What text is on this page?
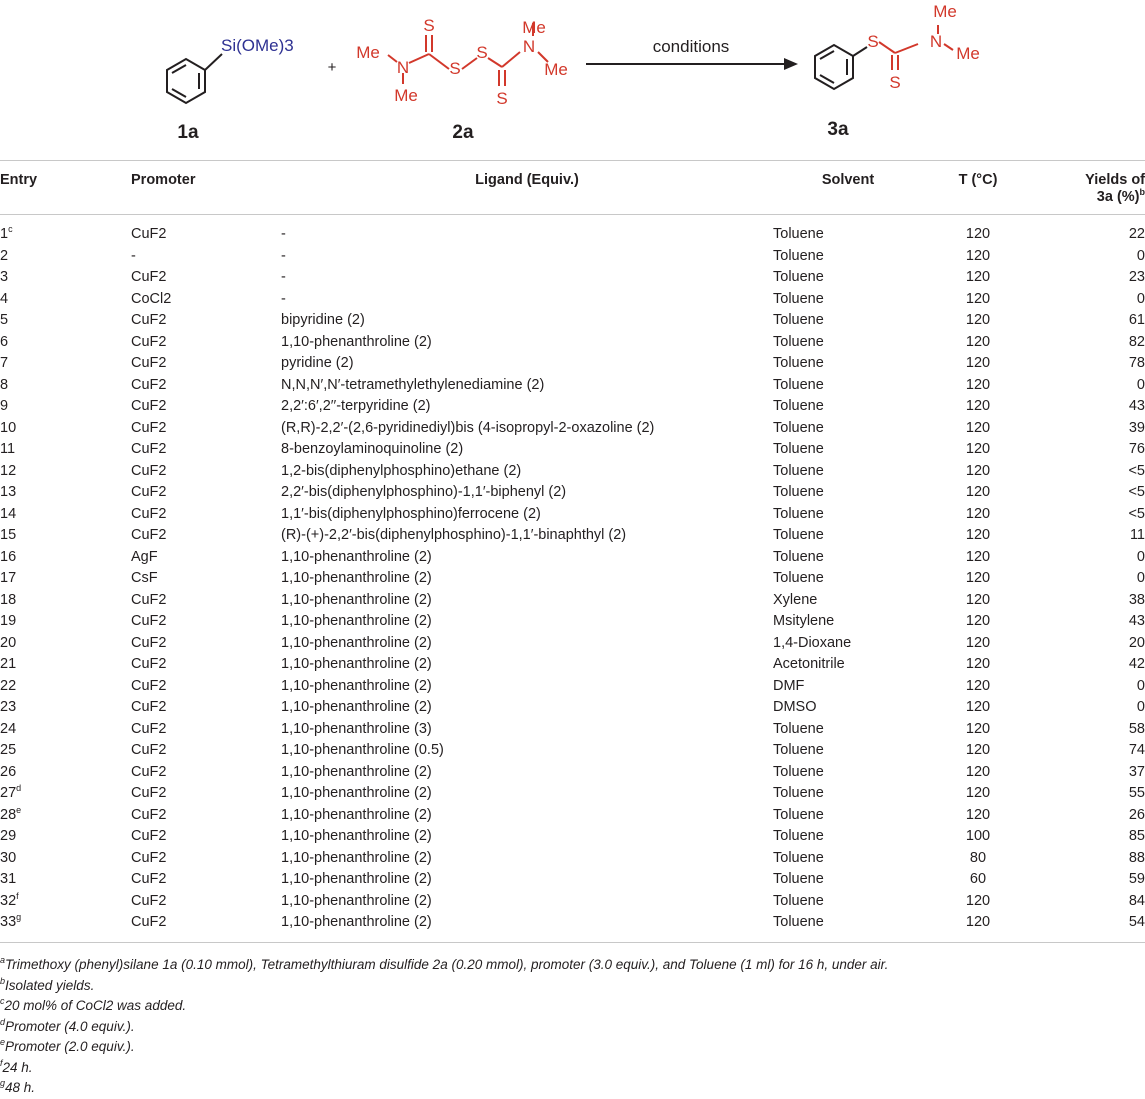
Si(OMe)3
1a
+
Me
N
Me
S
S
S
S
N
Me
Me
2a
conditions	S
S
N
Me
Me
3a
Entry	Promoter	Ligand (Equiv.)	Solvent	T (°C)	Yields of
3a (%)$^b$
1$^c$	CuF2	-	Toluene	120	22
2	-	-	Toluene	120	0
3	CuF2	-	Toluene	120	23
4	CoCl2	-	Toluene	120	0
5	CuF2	bipyridine (2)	Toluene	120	61
6	CuF2	1,10-phenanthroline (2)	Toluene	120	82
7	CuF2	pyridine (2)	Toluene	120	78
8	CuF2	N,N,N′,N′-tetramethylethylenediamine (2)	Toluene	120	0
9	CuF2	2,2′:6′,2′′-terpyridine (2)	Toluene	120	43
10	CuF2	(R,R)-2,2′-(2,6-pyridinediyl)bis (4-isopropyl-2-oxazoline (2)	Toluene	120	39
11	CuF2	8-benzoylaminoquinoline (2)	Toluene	120	76
12	CuF2	1,2-bis(diphenylphosphino)ethane (2)	Toluene	120	<5
13	CuF2	2,2′-bis(diphenylphosphino)-1,1′-biphenyl (2)	Toluene	120	<5
14	CuF2	1,1′-bis(diphenylphosphino)ferrocene (2)	Toluene	120	<5
15	CuF2	(R)-(+)-2,2′-bis(diphenylphosphino)-1,1′-binaphthyl (2)	Toluene	120	11
16	AgF	1,10-phenanthroline (2)	Toluene	120	0
17	CsF	1,10-phenanthroline (2)	Toluene	120	0
18	CuF2	1,10-phenanthroline (2)	Xylene	120	38
19	CuF2	1,10-phenanthroline (2)	Msitylene	120	43
20	CuF2	1,10-phenanthroline (2)	1,4-Dioxane	120	20
21	CuF2	1,10-phenanthroline (2)	Acetonitrile	120	42
22	CuF2	1,10-phenanthroline (2)	DMF	120	0
23	CuF2	1,10-phenanthroline (2)	DMSO	120	0
24	CuF2	1,10-phenanthroline (3)	Toluene	120	58
25	CuF2	1,10-phenanthroline (0.5)	Toluene	120	74
26	CuF2	1,10-phenanthroline (2)	Toluene	120	37
27$^d$	CuF2	1,10-phenanthroline (2)	Toluene	120	55
28e	CuF2	1,10-phenanthroline (2)	Toluene	120	26
29	CuF2	1,10-phenanthroline (2)	Toluene	100	85
30	CuF2	1,10-phenanthroline (2)	Toluene	80	88
31	CuF2	1,10-phenanthroline (2)	Toluene	60	59
32$^f$	CuF2	1,10-phenanthroline (2)	Toluene	120	84
33$^g$	CuF2	1,10-phenanthroline (2)	Toluene	120	54
$^a$Trimethoxy (phenyl)silane 1a (0.10 mmol), Tetramethylthiuram disulfide 2a (0.20 mmol), promoter (3.0 equiv.), and Toluene (1 ml) for 16 h, under air.
$^b$Isolated yields.
$^c$20 mol% of CoCl2 was added.
$^d$Promoter (4.0 equiv.).
$^e$Promoter (2.0 equiv.).
$^f$24 h.
$^g$48 h.
